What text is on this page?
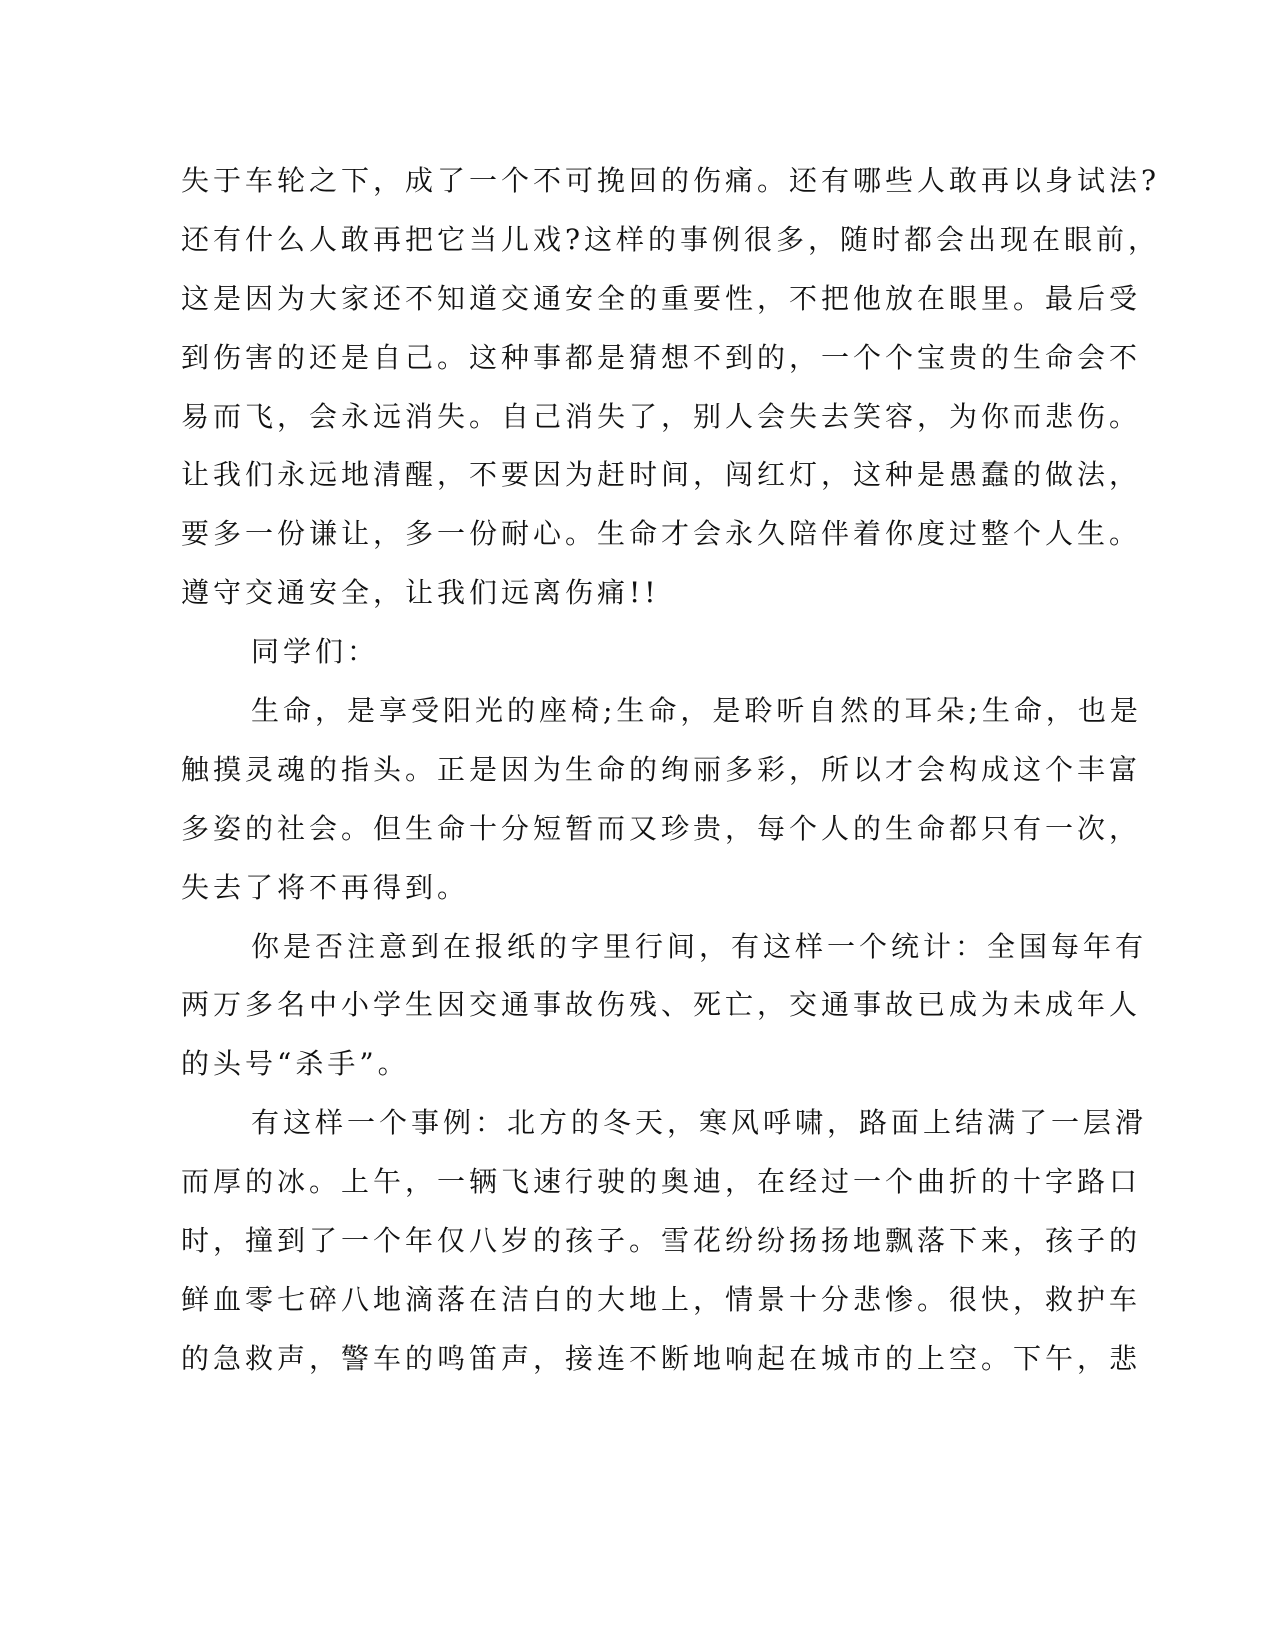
失于车轮之下，成了一个不可挽回的伤痛。还有哪些人敢再以身试法?

还有什么人敢再把它当儿戏?这样的事例很多，随时都会出现在眼前，

这是因为大家还不知道交通安全的重要性，不把他放在眼里。最后受

到伤害的还是自己。这种事都是猜想不到的，一个个宝贵的生命会不

易而飞，会永远消失。自己消失了，别人会失去笑容，为你而悲伤。

让我们永远地清醒，不要因为赶时间，闯红灯，这种是愚蠢的做法，

要多一份谦让，多一份耐心。生命才会永久陪伴着你度过整个人生。

遵守交通安全，让我们远离伤痛!!

同学们：

生命，是享受阳光的座椅;生命，是聆听自然的耳朵;生命，也是

触摸灵魂的指头。正是因为生命的绚丽多彩，所以才会构成这个丰富

多姿的社会。但生命十分短暂而又珍贵，每个人的生命都只有一次，

失去了将不再得到。

你是否注意到在报纸的字里行间，有这样一个统计：全国每年有

两万多名中小学生因交通事故伤残、死亡，交通事故已成为未成年人

的头号“杀手”。

有这样一个事例：北方的冬天，寒风呼啸，路面上结满了一层滑

而厚的冰。上午，一辆飞速行驶的奥迪，在经过一个曲折的十字路口

时，撞到了一个年仅八岁的孩子。雪花纷纷扬扬地飘落下来，孩子的

鲜血零七碎八地滴落在洁白的大地上，情景十分悲惨。很快，救护车

的急救声，警车的鸣笛声，接连不断地响起在城市的上空。下午，悲
